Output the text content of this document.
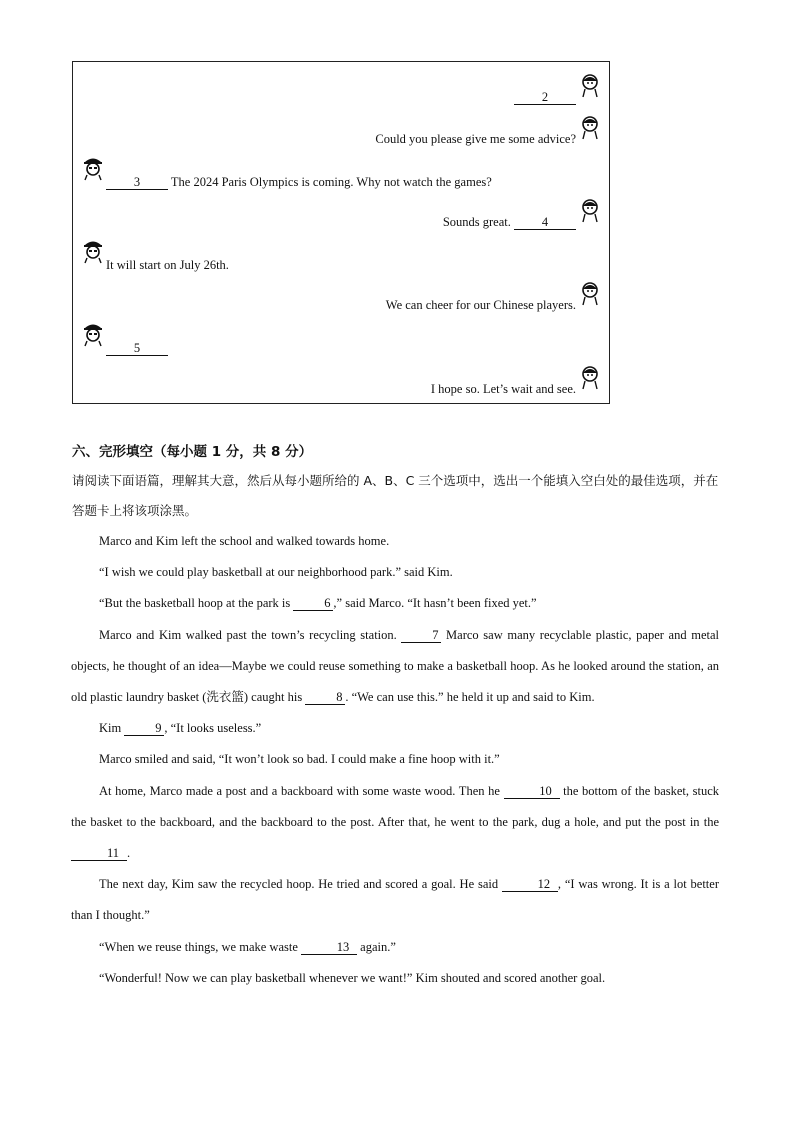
2
Could you please give me some advice?
3 The 2024 Paris Olympics is coming. Why not watch the games?
Sounds great. 4
It will start on July 26th.
We can cheer for our Chinese players.
5
I hope so. Let’s wait and see.
六、完形填空（每小题 1 分，共 8 分）
请阅读下面语篇，理解其大意，然后从每小题所给的 A、B、C 三个选项中，选出一个能填入空白处的最佳选项，并在答题卡上将该项涂黑。

Marco and Kim left the school and walked towards home.

“I wish we could play basketball at our neighborhood park.” said Kim.

“But the basketball hoop at the park is 6 ,” said Marco. “It hasn’t been fixed yet.”

Marco and Kim walked past the town’s recycling station. 7 Marco saw many recyclable plastic, paper and metal objects, he thought of an idea—Maybe we could reuse something to make a basketball hoop. As he looked around the station, an old plastic laundry basket (洗衣篮) caught his 8 . “We can use this.” he held it up and said to Kim.

Kim 9 , “It looks useless.”

Marco smiled and said, “It won’t look so bad. I could make a fine hoop with it.”

At home, Marco made a post and a backboard with some waste wood. Then he	10 the bottom of the basket, stuck the basket to the backboard, and the backboard to the post. After that, he went to the park, dug a hole, and put the post in the 11 .

The next day, Kim saw the recycled hoop. He tried and scored a goal. He said	12 , “I was wrong. It is a lot better than I thought.”

“When we reuse things, we make waste	13 again.”

“Wonderful! Now we can play basketball whenever we want!” Kim shouted and scored another goal.
